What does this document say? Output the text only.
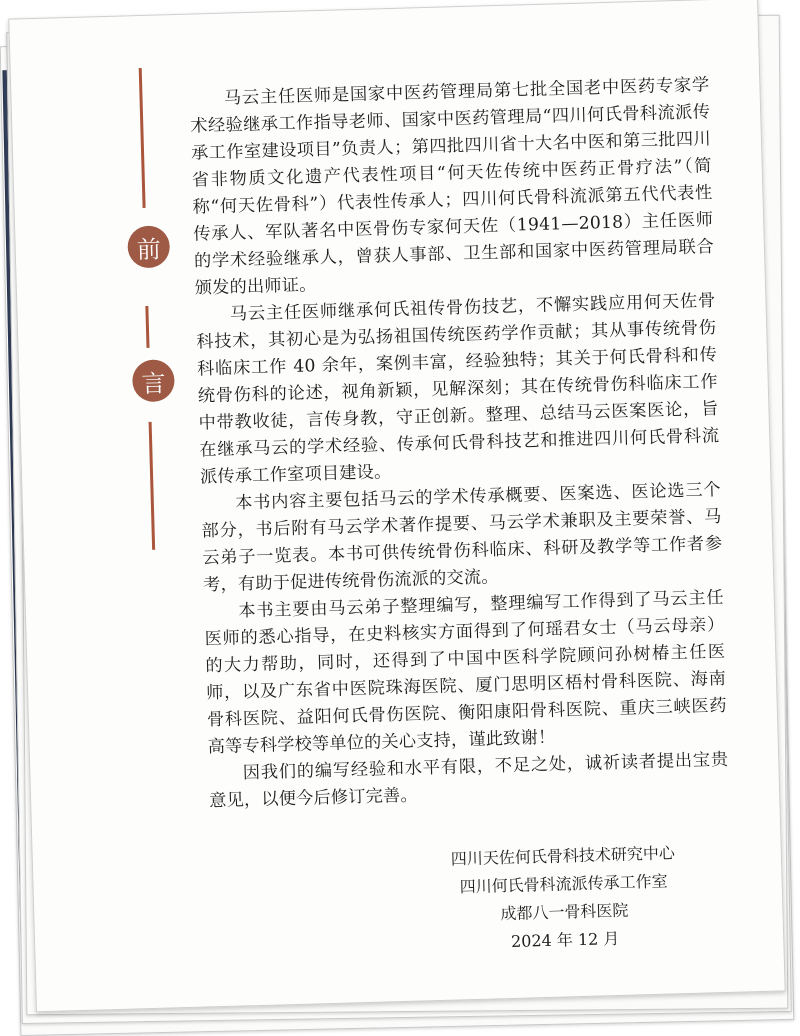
前
言

马云主任医师是国家中医药管理局第七批全国老中医药专家学术经验继承工作指导老师、国家中医药管理局“四川何氏骨科流派传承工作室建设项目”负责人；第四批四川省十大名中医和第三批四川省非物质文化遗产代表性项目“何天佐传统中医药正骨疗法”（简称“何天佐骨科”）代表性传承人；四川何氏骨科流派第五代代表性传承人、军队著名中医骨伤专家何天佐（1941—2018）主任医师的学术经验继承人，曾获人事部、卫生部和国家中医药管理局联合颁发的出师证。

马云主任医师继承何氏祖传骨伤技艺，不懈实践应用何天佐骨科技术，其初心是为弘扬祖国传统医药学作贡献；其从事传统骨伤科临床工作 40 余年，案例丰富，经验独特；其关于何氏骨科和传统骨伤科的论述，视角新颖，见解深刻；其在传统骨伤科临床工作中带教收徒，言传身教，守正创新。整理、总结马云医案医论，旨在继承马云的学术经验、传承何氏骨科技艺和推进四川何氏骨科流派传承工作室项目建设。

本书内容主要包括马云的学术传承概要、医案选、医论选三个部分，书后附有马云学术著作提要、马云学术兼职及主要荣誉、马云弟子一览表。本书可供传统骨伤科临床、科研及教学等工作者参考，有助于促进传统骨伤流派的交流。

本书主要由马云弟子整理编写，整理编写工作得到了马云主任医师的悉心指导，在史料核实方面得到了何瑶君女士（马云母亲）的大力帮助，同时，还得到了中国中医科学院顾问孙树椿主任医师，以及广东省中医院珠海医院、厦门思明区梧村骨科医院、海南骨科医院、益阳何氏骨伤医院、衡阳康阳骨科医院、重庆三峡医药高等专科学校等单位的关心支持，谨此致谢！

因我们的编写经验和水平有限，不足之处，诚祈读者提出宝贵意见，以便今后修订完善。

四川天佐何氏骨科技术研究中心
四川何氏骨科流派传承工作室
成都八一骨科医院
2024 年 12 月
